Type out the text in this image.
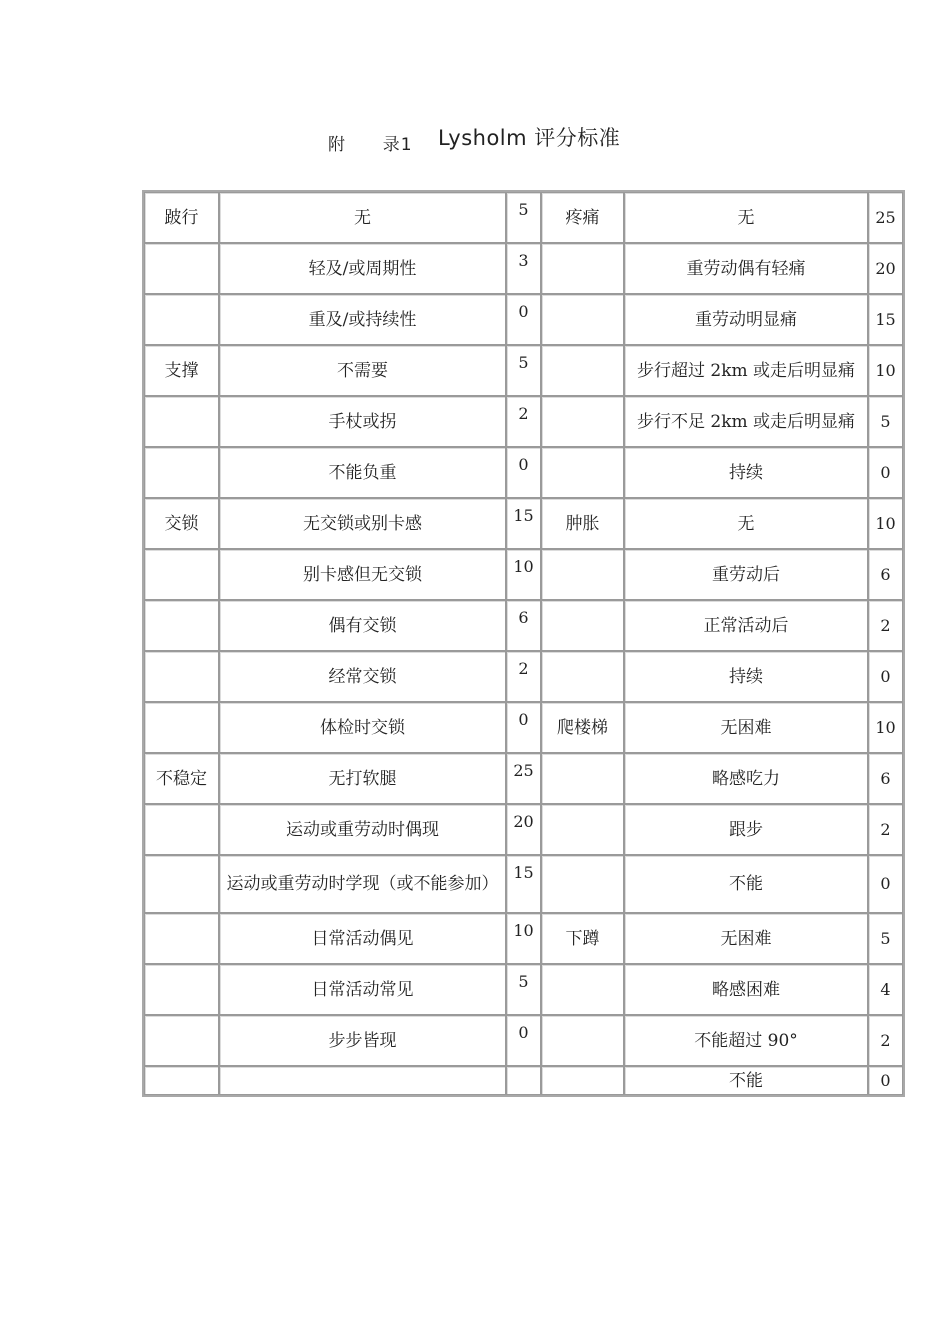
附  录1 Lysholm 评分标准
跛行	无	5	疼痛	无	25
	轻及/或周期性	3		重劳动偶有轻痛	20
	重及/或持续性	0		重劳动明显痛	15
支撑	不需要	5		步行超过 2km 或走后明显痛	10
	手杖或拐	2		步行不足 2km 或走后明显痛	5
	不能负重	0		持续	0
交锁	无交锁或别卡感	15	肿胀	无	10
	别卡感但无交锁	10		重劳动后	6
	偶有交锁	6		正常活动后	2
	经常交锁	2		持续	0
	体检时交锁	0	爬楼梯	无困难	10
不稳定	无打软腿	25		略感吃力	6
	运动或重劳动时偶现	20		跟步	2
	运动或重劳动时学现（或不能参加）	15		不能	0
	日常活动偶见	10	下蹲	无困难	5
	日常活动常见	5		略感困难	4
	步步皆现	0		不能超过 90°	2
				不能	0
